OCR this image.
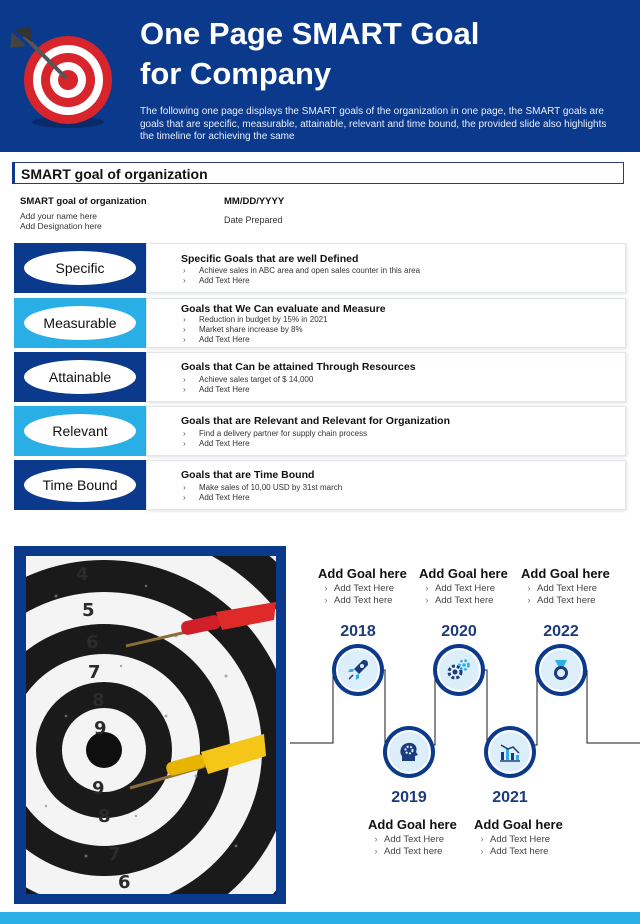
One Page SMART Goal
for Company
The following one page displays the SMART goals of the organization in one page, the SMART goals are goals that are specific, measurable, attainable, relevant and time bound, the provided slide also highlights the timeline for achieving the same
SMART goal of organization
SMART goal of organization
Add your name here
Add Designation here
MM/DD/YYYY
Date Prepared
Specific
Specific Goals that are well Defined
› Achieve sales in ABC area and open sales counter in this area
› Add Text Here
Measurable
Goals that We Can evaluate and Measure
› Reduction in budget by 15% in 2021
› Market share increase by 8%
› Add Text Here
Attainable
Goals that Can be attained Through Resources
› Achieve sales target of $ 14,000
› Add Text Here
Relevant
Goals that are Relevant and Relevant for Organization
› Find a delivery partner for supply chain process
› Add Text Here
Time Bound
Goals that are Time Bound
› Make sales of 10,00 USD by 31st march
› Add Text Here
4
5
6
7
8
9
9
8
7
6
Add Goal here
› Add Text Here
› Add Text here
Add Goal here
› Add Text Here
› Add Text here
Add Goal here
› Add Text Here
› Add Text here
2018	2020	2022
2019	2021
Add Goal here
› Add Text Here
› Add Text here
Add Goal here
› Add Text Here
› Add Text here
